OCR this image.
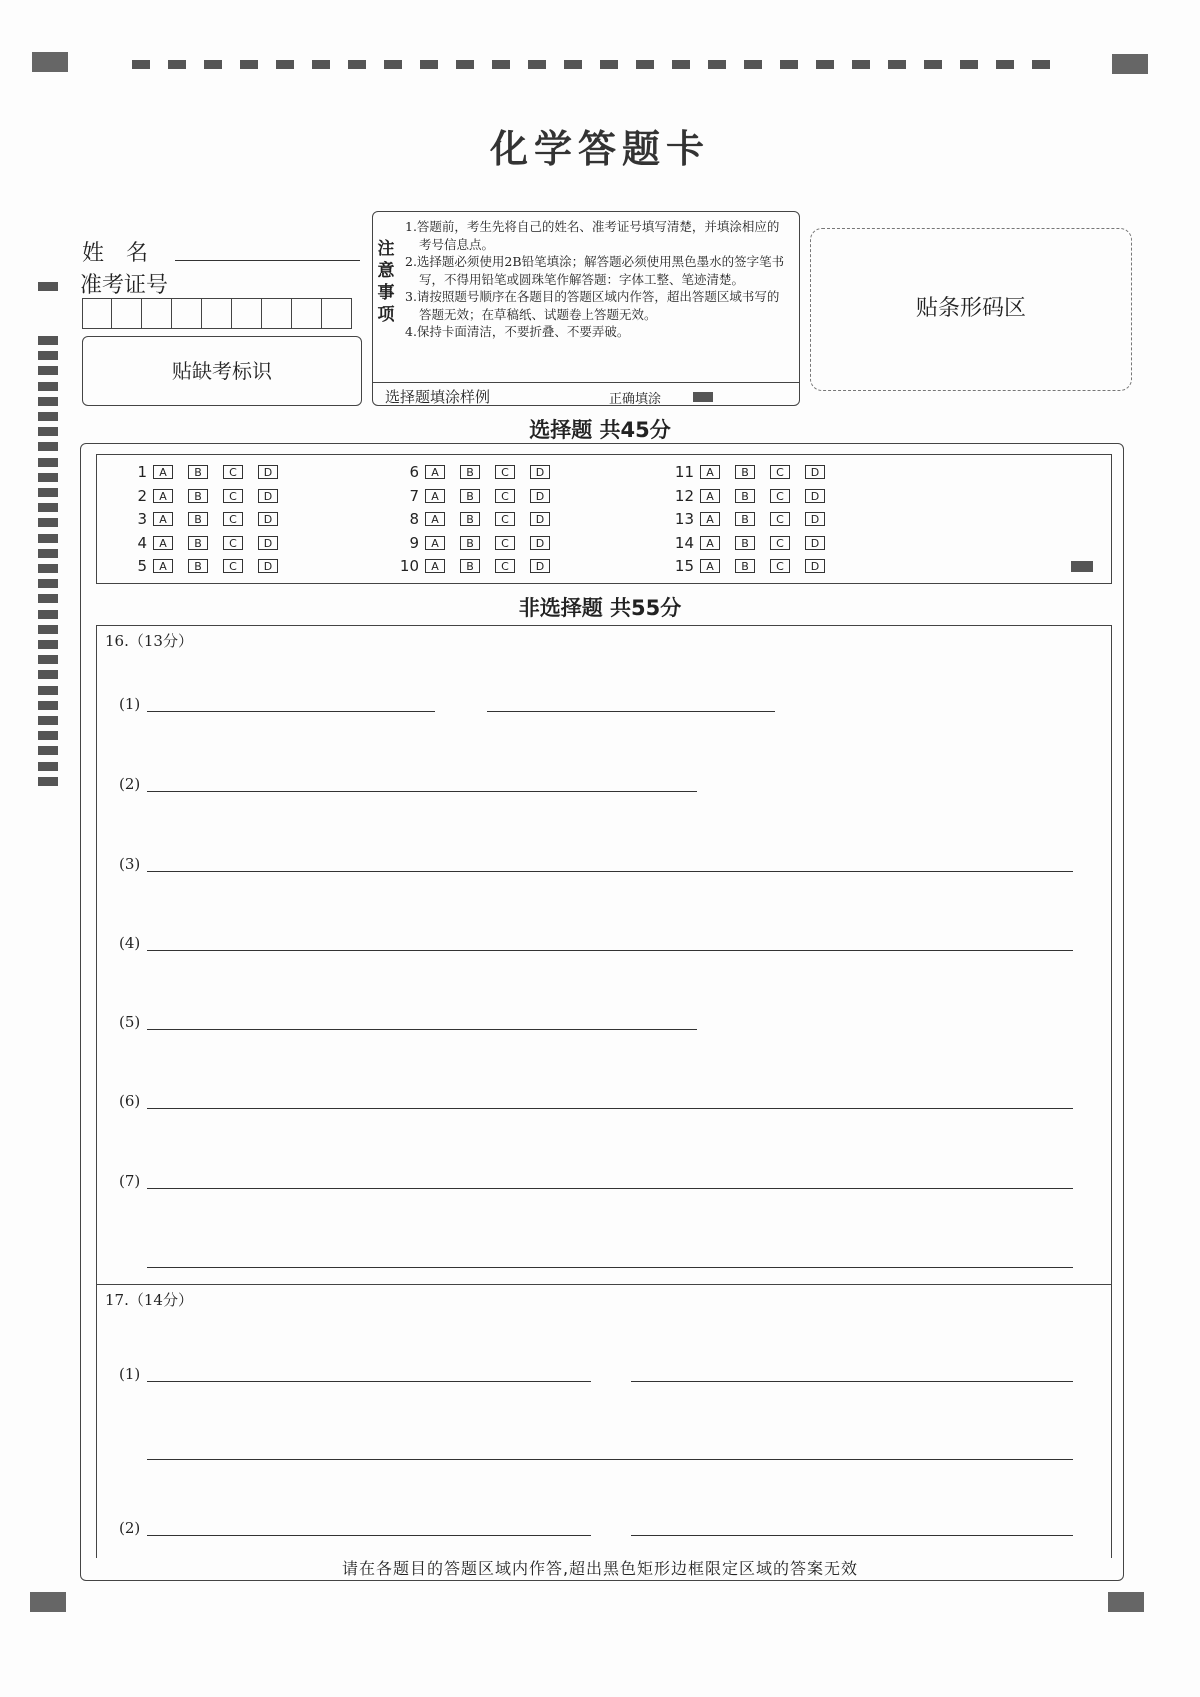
化学答题卡
姓　名
准考证号
贴缺考标识
注
意
事
项

1.答题前，考生先将自己的姓名、准考证号填写清楚，并填涂相应的考号信息点。

2.选择题必须使用2B铅笔填涂；解答题必须使用黑色墨水的签字笔书写，不得用铅笔或圆珠笔作解答题：字体工整、笔迹清楚。

3.请按照题号顺序在各题目的答题区域内作答，超出答题区域书写的答题无效；在草稿纸、试题卷上答题无效。

4.保持卡面清洁，不要折叠、不要弄破。

选择题填涂样例	正确填涂
贴条形码区
选择题 共45分
1	A	B	C	D
2	A	B	C	D
3	A	B	C	D
4	A	B	C	D
5	A	B	C	D
6	A	B	C	D
7	A	B	C	D
8	A	B	C	D
9	A	B	C	D
10	A	B	C	D
11	A	B	C	D
12	A	B	C	D
13	A	B	C	D
14	A	B	C	D
15	A	B	C	D
非选择题 共55分
16.（13分）
(1)
(2)
(3)
(4)
(5)
(6)
(7)
17.（14分）
(1)
(2)
请在各题目的答题区域内作答,超出黑色矩形边框限定区域的答案无效
